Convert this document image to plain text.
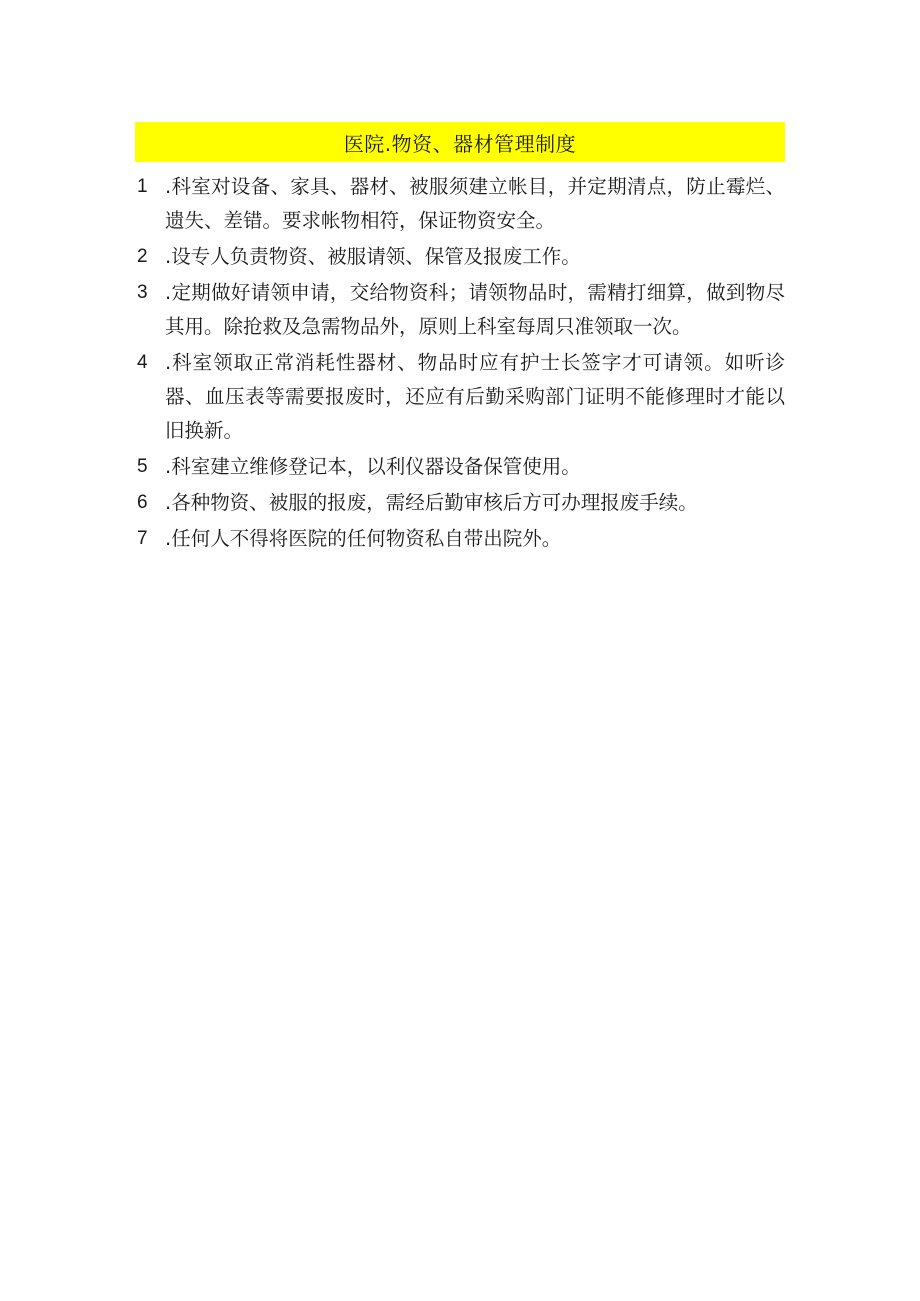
医院.物资、器材管理制度
1 .科室对设备、家具、器材、被服须建立帐目，并定期清点，防止霉烂、遗失、差错。要求帐物相符，保证物资安全。
2 .设专人负责物资、被服请领、保管及报废工作。
3 .定期做好请领申请，交给物资科；请领物品时，需精打细算，做到物尽其用。除抢救及急需物品外，原则上科室每周只准领取一次。
4 .科室领取正常消耗性器材、物品时应有护士长签字才可请领。如听诊器、血压表等需要报废时，还应有后勤采购部门证明不能修理时才能以旧换新。
5 .科室建立维修登记本，以利仪器设备保管使用。
6 .各种物资、被服的报废，需经后勤审核后方可办理报废手续。
7 .任何人不得将医院的任何物资私自带出院外。
